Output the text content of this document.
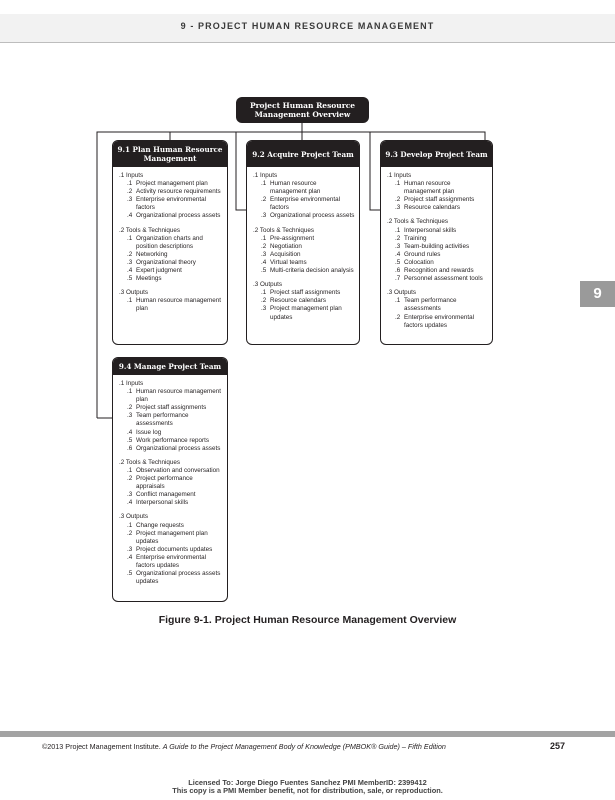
9 - PROJECT HUMAN RESOURCE MANAGEMENT
9
Project Human Resource Management Overview
9.1 Plan Human Resource Management
.1 Inputs
.1 Project management plan
.2 Activity resource requirements
.3 Enterprise environmental factors
.4 Organizational process assets
.2 Tools & Techniques
.1 Organization charts and position descriptions
.2 Networking
.3 Organizational theory
.4 Expert judgment
.5 Meetings
.3 Outputs
.1 Human resource management plan
9.2 Acquire Project Team
.1 Inputs
.1 Human resource management plan
.2 Enterprise environmental factors
.3 Organizational process assets
.2 Tools & Techniques
.1 Pre-assignment
.2 Negotiation
.3 Acquisition
.4 Virtual teams
.5 Multi-criteria decision analysis
.3 Outputs
.1 Project staff assignments
.2 Resource calendars
.3 Project management plan updates
9.3 Develop Project Team
.1 Inputs
.1 Human resource management plan
.2 Project staff assignments
.3 Resource calendars
.2 Tools & Techniques
.1 Interpersonal skills
.2 Training
.3 Team-building activities
.4 Ground rules
.5 Colocation
.6 Recognition and rewards
.7 Personnel assessment tools
.3 Outputs
.1 Team performance assessments
.2 Enterprise environmental factors updates
9.4 Manage Project Team
.1 Inputs
.1 Human resource management plan
.2 Project staff assignments
.3 Team performance assessments
.4 Issue log
.5 Work performance reports
.6 Organizational process assets
.2 Tools & Techniques
.1 Observation and conversation
.2 Project performance appraisals
.3 Conflict management
.4 Interpersonal skills
.3 Outputs
.1 Change requests
.2 Project management plan updates
.3 Project documents updates
.4 Enterprise environmental factors updates
.5 Organizational process assets updates
Figure 9-1. Project Human Resource Management Overview
©2013 Project Management Institute. A Guide to the Project Management Body of Knowledge (PMBOK® Guide) – Fifth Edition	257
Licensed To: Jorge Diego Fuentes Sanchez PMI MemberID: 2399412
This copy is a PMI Member benefit, not for distribution, sale, or reproduction.
